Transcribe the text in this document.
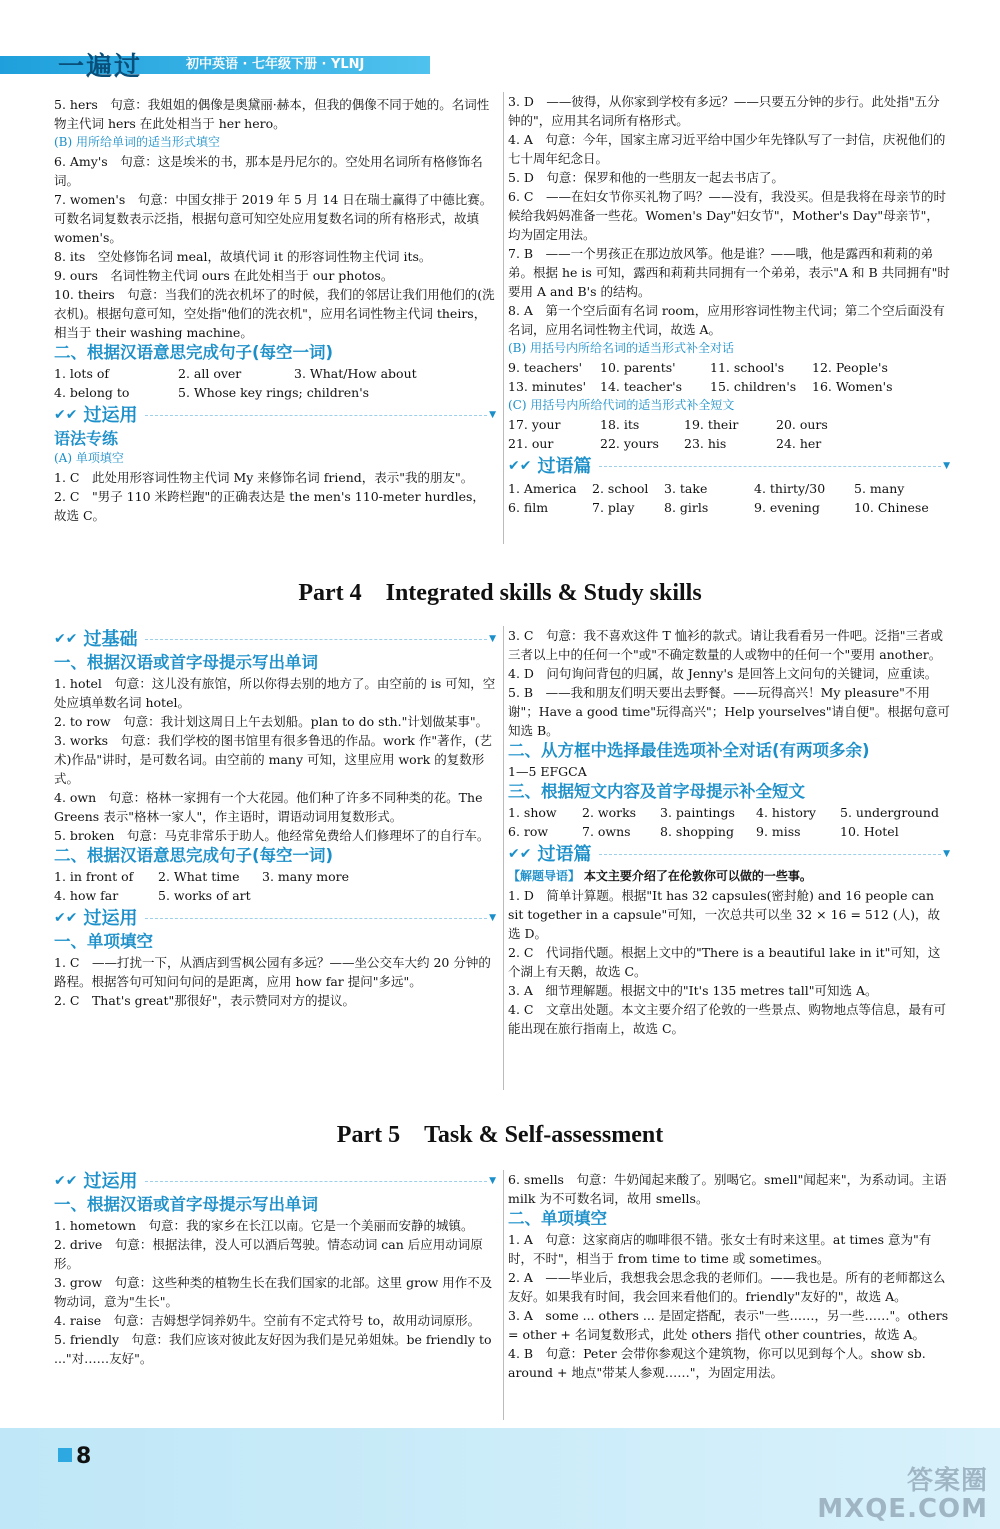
一遍过	初中英语 · 七年级下册 · YLNJ

5. hers　句意：我姐姐的偶像是奥黛丽·赫本，但我的偶像不同于她的。名词性物主代词 hers 在此处相当于 her hero。

(B) 用所给单词的适当形式填空

6. Amy's　句意：这是埃米的书，那本是丹尼尔的。空处用名词所有格修饰名词。

7. women's　句意：中国女排于 2019 年 5 月 14 日在瑞士赢得了中德比赛。可数名词复数表示泛指，根据句意可知空处应用复数名词的所有格形式，故填 women's。

8. its　空处修饰名词 meal，故填代词 it 的形容词性物主代词 its。

9. ours　名词性物主代词 ours 在此处相当于 our photos。

10. theirs　句意：当我们的洗衣机坏了的时候，我们的邻居让我们用他们的(洗衣机)。根据句意可知，空处指"他们的洗衣机"，应用名词性物主代词 theirs，相当于 their washing machine。

二、根据汉语意思完成句子(每空一词)

1. lots of	2. all over	3. What/How about
4. belong to	5. Whose key rings; children's
✔✔ 过运用	▼

语法专练

(A) 单项填空

1. C　此处用形容词性物主代词 My 来修饰名词 friend，表示"我的朋友"。

2. C　"男子 110 米跨栏跑"的正确表达是 the men's 110-meter hurdles，故选 C。

3. D　——彼得，从你家到学校有多远？——只要五分钟的步行。此处指"五分钟的"，应用其名词所有格形式。

4. A　句意：今年，国家主席习近平给中国少年先锋队写了一封信，庆祝他们的七十周年纪念日。

5. D　句意：保罗和他的一些朋友一起去书店了。

6. C　——在妇女节你买礼物了吗？——没有，我没买。但是我将在母亲节的时候给我妈妈准备一些花。Women's Day"妇女节"，Mother's Day"母亲节"，均为固定用法。

7. B　——一个男孩正在那边放风筝。他是谁？——哦，他是露西和莉莉的弟弟。根据 he is 可知，露西和莉莉共同拥有一个弟弟，表示"A 和 B 共同拥有"时要用 A and B's 的结构。

8. A　第一个空后面有名词 room，应用形容词性物主代词；第二个空后面没有名词，应用名词性物主代词，故选 A。

(B) 用括号内所给名词的适当形式补全对话

9. teachers'	10. parents'	11. school's	12. People's
13. minutes'	14. teacher's	15. children's	16. Women's

(C) 用括号内所给代词的适当形式补全短文

17. your	18. its	19. their	20. ours
21. our	22. yours	23. his	24. her
✔✔ 过语篇	▼
1. America	2. school	3. take	4. thirty/30	5. many
6. film	7. play	8. girls	9. evening	10. Chinese
Part 4　Integrated skills & Study skills
✔✔ 过基础	▼

一、根据汉语或首字母提示写出单词

1. hotel　句意：这儿没有旅馆，所以你得去别的地方了。由空前的 is 可知，空处应填单数名词 hotel。

2. to row　句意：我计划这周日上午去划船。plan to do sth."计划做某事"。

3. works　句意：我们学校的图书馆里有很多鲁迅的作品。work 作"著作，(艺术)作品"讲时，是可数名词。由空前的 many 可知，这里应用 work 的复数形式。

4. own　句意：格林一家拥有一个大花园。他们种了许多不同种类的花。The Greens 表示"格林一家人"，作主语时，谓语动词用复数形式。

5. broken　句意：马克非常乐于助人。他经常免费给人们修理坏了的自行车。

二、根据汉语意思完成句子(每空一词)

1. in front of	2. What time	3. many more
4. how far	5. works of art
✔✔ 过运用	▼

一、单项填空

1. C　——打扰一下，从酒店到雪枫公园有多远？——坐公交车大约 20 分钟的路程。根据答句可知问句问的是距离，应用 how far 提问"多远"。

2. C　That's great"那很好"，表示赞同对方的提议。

3. C　句意：我不喜欢这件 T 恤衫的款式。请让我看看另一件吧。泛指"三者或三者以上中的任何一个"或"不确定数量的人或物中的任何一个"要用 another。

4. D　问句询问背包的归属，故 Jenny's 是回答上文问句的关键词，应重读。

5. B　——我和朋友们明天要出去野餐。——玩得高兴！My pleasure"不用谢"；Have a good time"玩得高兴"；Help yourselves"请自便"。根据句意可知选 B。

二、从方框中选择最佳选项补全对话(有两项多余)

1—5 EFGCA

三、根据短文内容及首字母提示补全短文

1. show	2. works	3. paintings	4. history	5. underground
6. row	7. owns	8. shopping	9. miss	10. Hotel
✔✔ 过语篇	▼

【解题导语】 本文主要介绍了在伦敦你可以做的一些事。

1. D　简单计算题。根据"It has 32 capsules(密封舱) and 16 people can sit together in a capsule"可知，一次总共可以坐 32 × 16 = 512 (人)，故选 D。

2. C　代词指代题。根据上文中的"There is a beautiful lake in it"可知，这个湖上有天鹅，故选 C。

3. A　细节理解题。根据文中的"It's 135 metres tall"可知选 A。

4. C　文章出处题。本文主要介绍了伦敦的一些景点、购物地点等信息，最有可能出现在旅行指南上，故选 C。

Part 5　Task & Self-assessment
✔✔ 过运用	▼

一、根据汉语或首字母提示写出单词

1. hometown　句意：我的家乡在长江以南。它是一个美丽而安静的城镇。

2. drive　句意：根据法律，没人可以酒后驾驶。情态动词 can 后应用动词原形。

3. grow　句意：这些种类的植物生长在我们国家的北部。这里 grow 用作不及物动词，意为"生长"。

4. raise　句意：吉姆想学饲养奶牛。空前有不定式符号 to，故用动词原形。

5. friendly　句意：我们应该对彼此友好因为我们是兄弟姐妹。be friendly to ..."对……友好"。

6. smells　句意：牛奶闻起来酸了。别喝它。smell"闻起来"，为系动词。主语 milk 为不可数名词，故用 smells。

二、单项填空

1. A　句意：这家商店的咖啡很不错。张女士有时来这里。at times 意为"有时，不时"，相当于 from time to time 或 sometimes。

2. A　——毕业后，我想我会思念我的老师们。——我也是。所有的老师都这么友好。如果我有时间，我会回来看他们的。friendly"友好的"，故选 A。

3. A　some ... others ... 是固定搭配，表示"一些……，另一些……"。others = other + 名词复数形式，此处 others 指代 other countries，故选 A。

4. B　句意：Peter 会带你参观这个建筑物，你可以见到每个人。show sb. around + 地点"带某人参观……"，为固定用法。

8
答案圈
MXQE.COM
